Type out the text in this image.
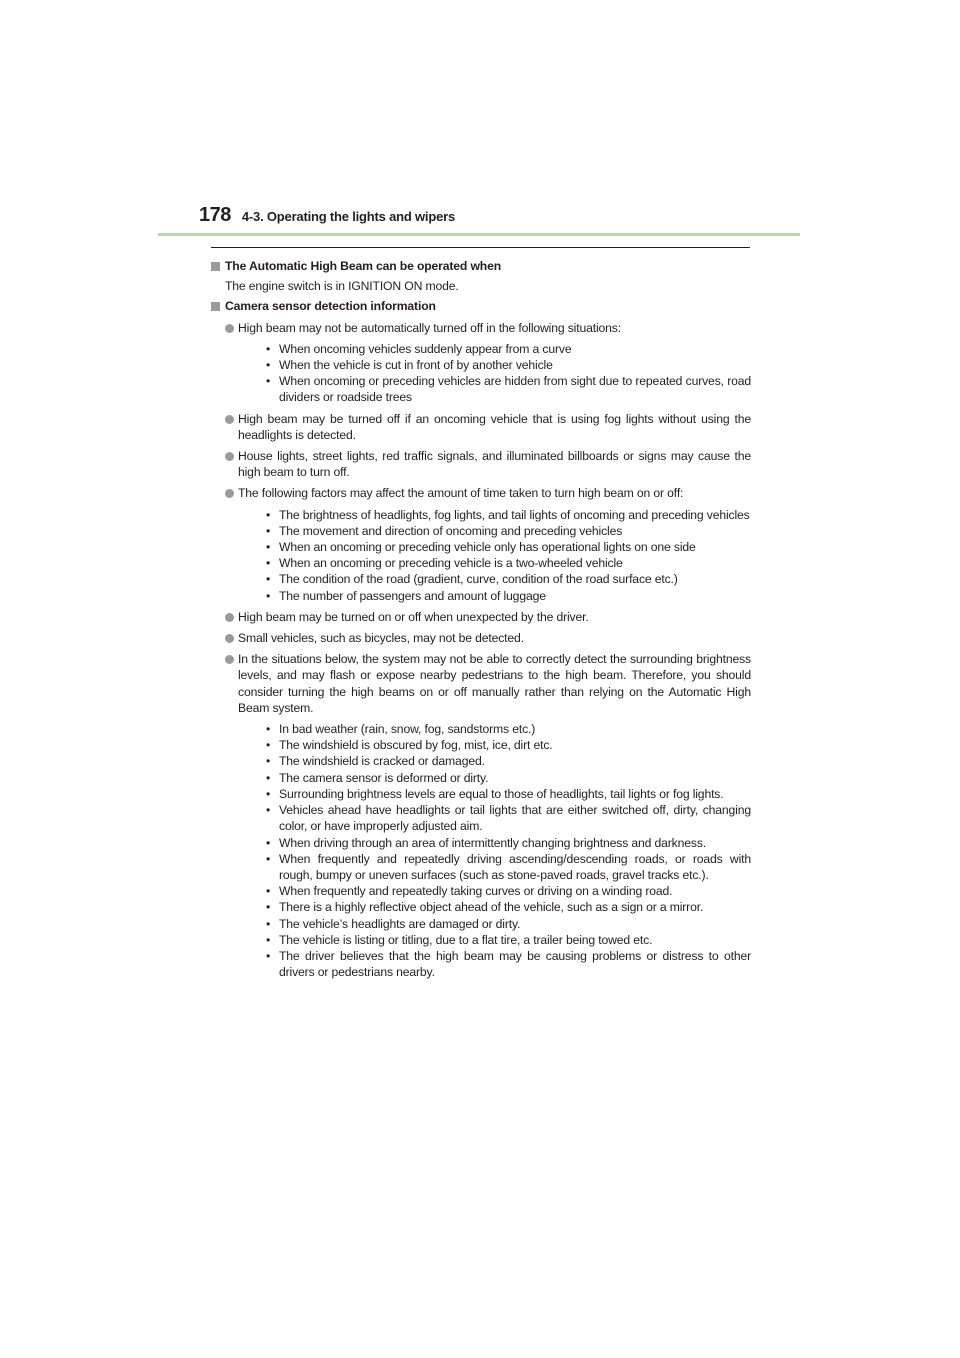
178 4-3. Operating the lights and wipers
The Automatic High Beam can be operated when
The engine switch is in IGNITION ON mode.
Camera sensor detection information
High beam may not be automatically turned off in the following situations:
• When oncoming vehicles suddenly appear from a curve
• When the vehicle is cut in front of by another vehicle
• When oncoming or preceding vehicles are hidden from sight due to repeated curves, road dividers or roadside trees
High beam may be turned off if an oncoming vehicle that is using fog lights without using the headlights is detected.
House lights, street lights, red traffic signals, and illuminated billboards or signs may cause the high beam to turn off.
The following factors may affect the amount of time taken to turn high beam on or off:
• The brightness of headlights, fog lights, and tail lights of oncoming and preceding vehicles
• The movement and direction of oncoming and preceding vehicles
• When an oncoming or preceding vehicle only has operational lights on one side
• When an oncoming or preceding vehicle is a two-wheeled vehicle
• The condition of the road (gradient, curve, condition of the road surface etc.)
• The number of passengers and amount of luggage
High beam may be turned on or off when unexpected by the driver.
Small vehicles, such as bicycles, may not be detected.
In the situations below, the system may not be able to correctly detect the surrounding brightness levels, and may flash or expose nearby pedestrians to the high beam. Therefore, you should consider turning the high beams on or off manually rather than relying on the Automatic High Beam system.
• In bad weather (rain, snow, fog, sandstorms etc.)
• The windshield is obscured by fog, mist, ice, dirt etc.
• The windshield is cracked or damaged.
• The camera sensor is deformed or dirty.
• Surrounding brightness levels are equal to those of headlights, tail lights or fog lights.
• Vehicles ahead have headlights or tail lights that are either switched off, dirty, changing color, or have improperly adjusted aim.
• When driving through an area of intermittently changing brightness and darkness.
• When frequently and repeatedly driving ascending/descending roads, or roads with rough, bumpy or uneven surfaces (such as stone-paved roads, gravel tracks etc.).
• When frequently and repeatedly taking curves or driving on a winding road.
• There is a highly reflective object ahead of the vehicle, such as a sign or a mirror.
• The vehicle’s headlights are damaged or dirty.
• The vehicle is listing or titling, due to a flat tire, a trailer being towed etc.
• The driver believes that the high beam may be causing problems or distress to other drivers or pedestrians nearby.
